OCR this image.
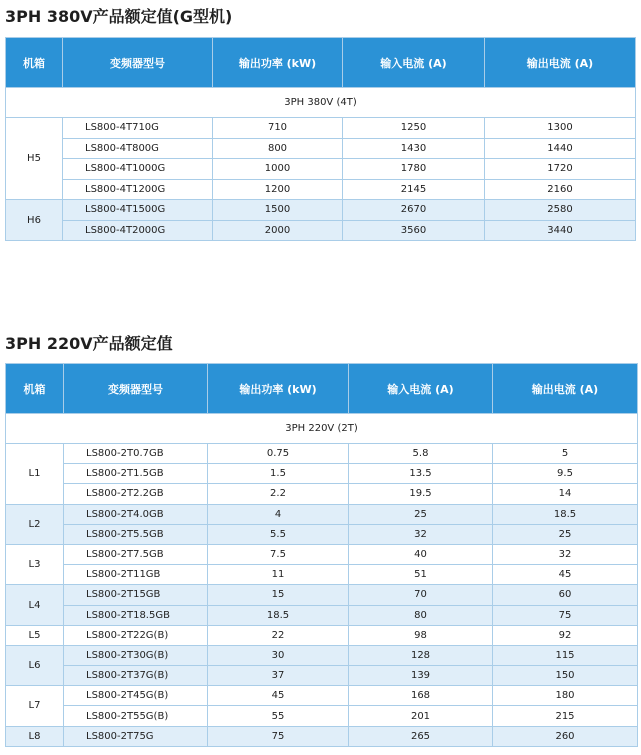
3PH 380V产品额定值(G型机)
机箱	变频器型号	输出功率 (kW)	输入电流 (A)	输出电流 (A)
3PH 380V (4T)				
H5	LS800-4T710G	710	1250	1300
	LS800-4T800G	800	1430	1440
	LS800-4T1000G	1000	1780	1720
	LS800-4T1200G	1200	2145	2160
H6	LS800-4T1500G	1500	2670	2580
	LS800-4T2000G	2000	3560	3440
3PH 220V产品额定值
机箱	变频器型号	输出功率 (kW)	输入电流 (A)	输出电流 (A)
3PH 220V (2T)				
L1	LS800-2T0.7GB	0.75	5.8	5
	LS800-2T1.5GB	1.5	13.5	9.5
	LS800-2T2.2GB	2.2	19.5	14
L2	LS800-2T4.0GB	4	25	18.5
	LS800-2T5.5GB	5.5	32	25
L3	LS800-2T7.5GB	7.5	40	32
	LS800-2T11GB	11	51	45
L4	LS800-2T15GB	15	70	60
	LS800-2T18.5GB	18.5	80	75
L5	LS800-2T22G(B)	22	98	92
L6	LS800-2T30G(B)	30	128	115
	LS800-2T37G(B)	37	139	150
L7	LS800-2T45G(B)	45	168	180
	LS800-2T55G(B)	55	201	215
L8	LS800-2T75G	75	265	260
